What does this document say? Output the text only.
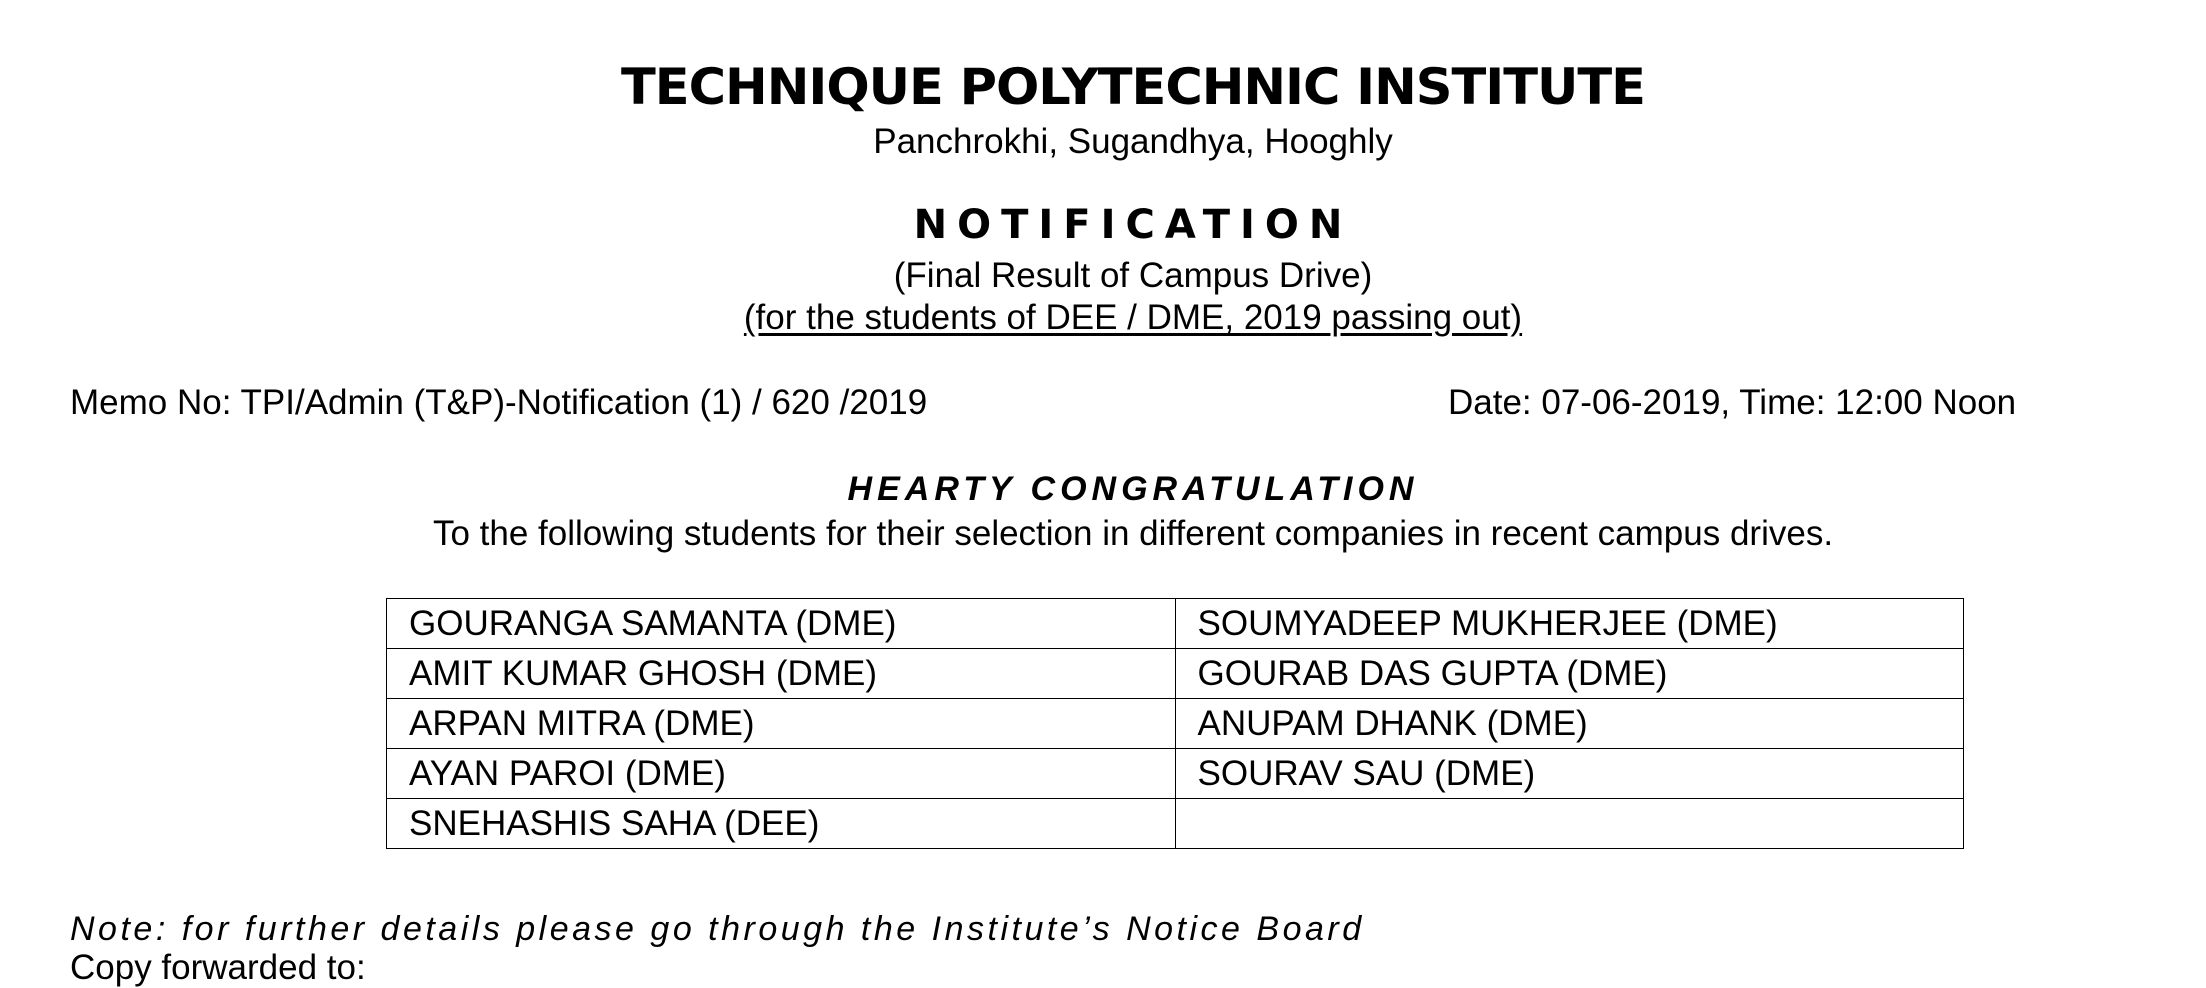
TECHNIQUE POLYTECHNIC INSTITUTE
Panchrokhi, Sugandhya, Hooghly
NOTIFICATION
(Final Result of Campus Drive)
(for the students of DEE / DME, 2019 passing out)
Memo No: TPI/Admin (T&P)-Notification (1) / 620 /2019	Date: 07-06-2019, Time: 12:00 Noon
HEARTY CONGRATULATION
To the following students for their selection in different companies in recent campus drives.
GOURANGA SAMANTA (DME)	SOUMYADEEP MUKHERJEE (DME)
AMIT KUMAR GHOSH (DME)	GOURAB DAS GUPTA (DME)
ARPAN MITRA (DME)	ANUPAM DHANK (DME)
AYAN PAROI (DME)	SOURAV SAU (DME)
SNEHASHIS SAHA (DEE)	
Note: for further details please go through the Institute’s Notice Board
Copy forwarded to:
